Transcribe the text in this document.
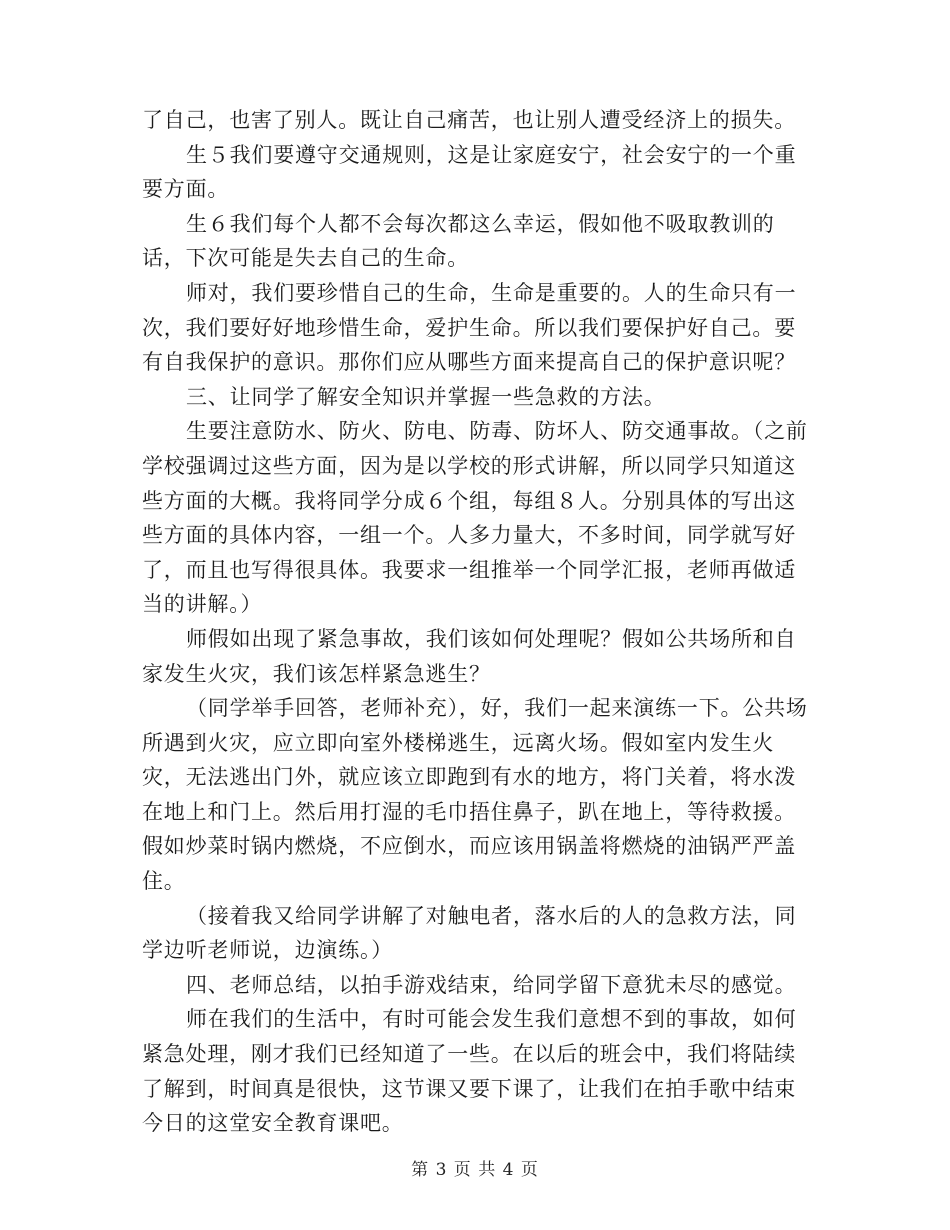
了自己，也害了别人。既让自己痛苦，也让别人遭受经济上的损失。

生５我们要遵守交通规则，这是让家庭安宁，社会安宁的一个重要方面。

生６我们每个人都不会每次都这么幸运，假如他不吸取教训的话，下次可能是失去自己的生命。

师对，我们要珍惜自己的生命，生命是重要的。人的生命只有一次，我们要好好地珍惜生命，爱护生命。所以我们要保护好自己。要有自我保护的意识。那你们应从哪些方面来提高自己的保护意识呢？

三、让同学了解安全知识并掌握一些急救的方法。

生要注意防水、防火、防电、防毒、防坏人、防交通事故。（之前学校强调过这些方面，因为是以学校的形式讲解，所以同学只知道这些方面的大概。我将同学分成６个组，每组８人。分别具体的写出这些方面的具体内容，一组一个。人多力量大，不多时间，同学就写好了，而且也写得很具体。我要求一组推举一个同学汇报，老师再做适当的讲解。）

师假如出现了紧急事故，我们该如何处理呢？假如公共场所和自家发生火灾，我们该怎样紧急逃生？

（同学举手回答，老师补充），好，我们一起来演练一下。公共场所遇到火灾，应立即向室外楼梯逃生，远离火场。假如室内发生火灾，无法逃出门外，就应该立即跑到有水的地方，将门关着，将水泼在地上和门上。然后用打湿的毛巾捂住鼻子，趴在地上，等待救援。假如炒菜时锅内燃烧，不应倒水，而应该用锅盖将燃烧的油锅严严盖住。

（接着我又给同学讲解了对触电者，落水后的人的急救方法，同学边听老师说，边演练。）

四、老师总结，以拍手游戏结束，给同学留下意犹未尽的感觉。

师在我们的生活中，有时可能会发生我们意想不到的事故，如何紧急处理，刚才我们已经知道了一些。在以后的班会中，我们将陆续了解到，时间真是很快，这节课又要下课了，让我们在拍手歌中结束今日的这堂安全教育课吧。

第 3 页 共 4 页
